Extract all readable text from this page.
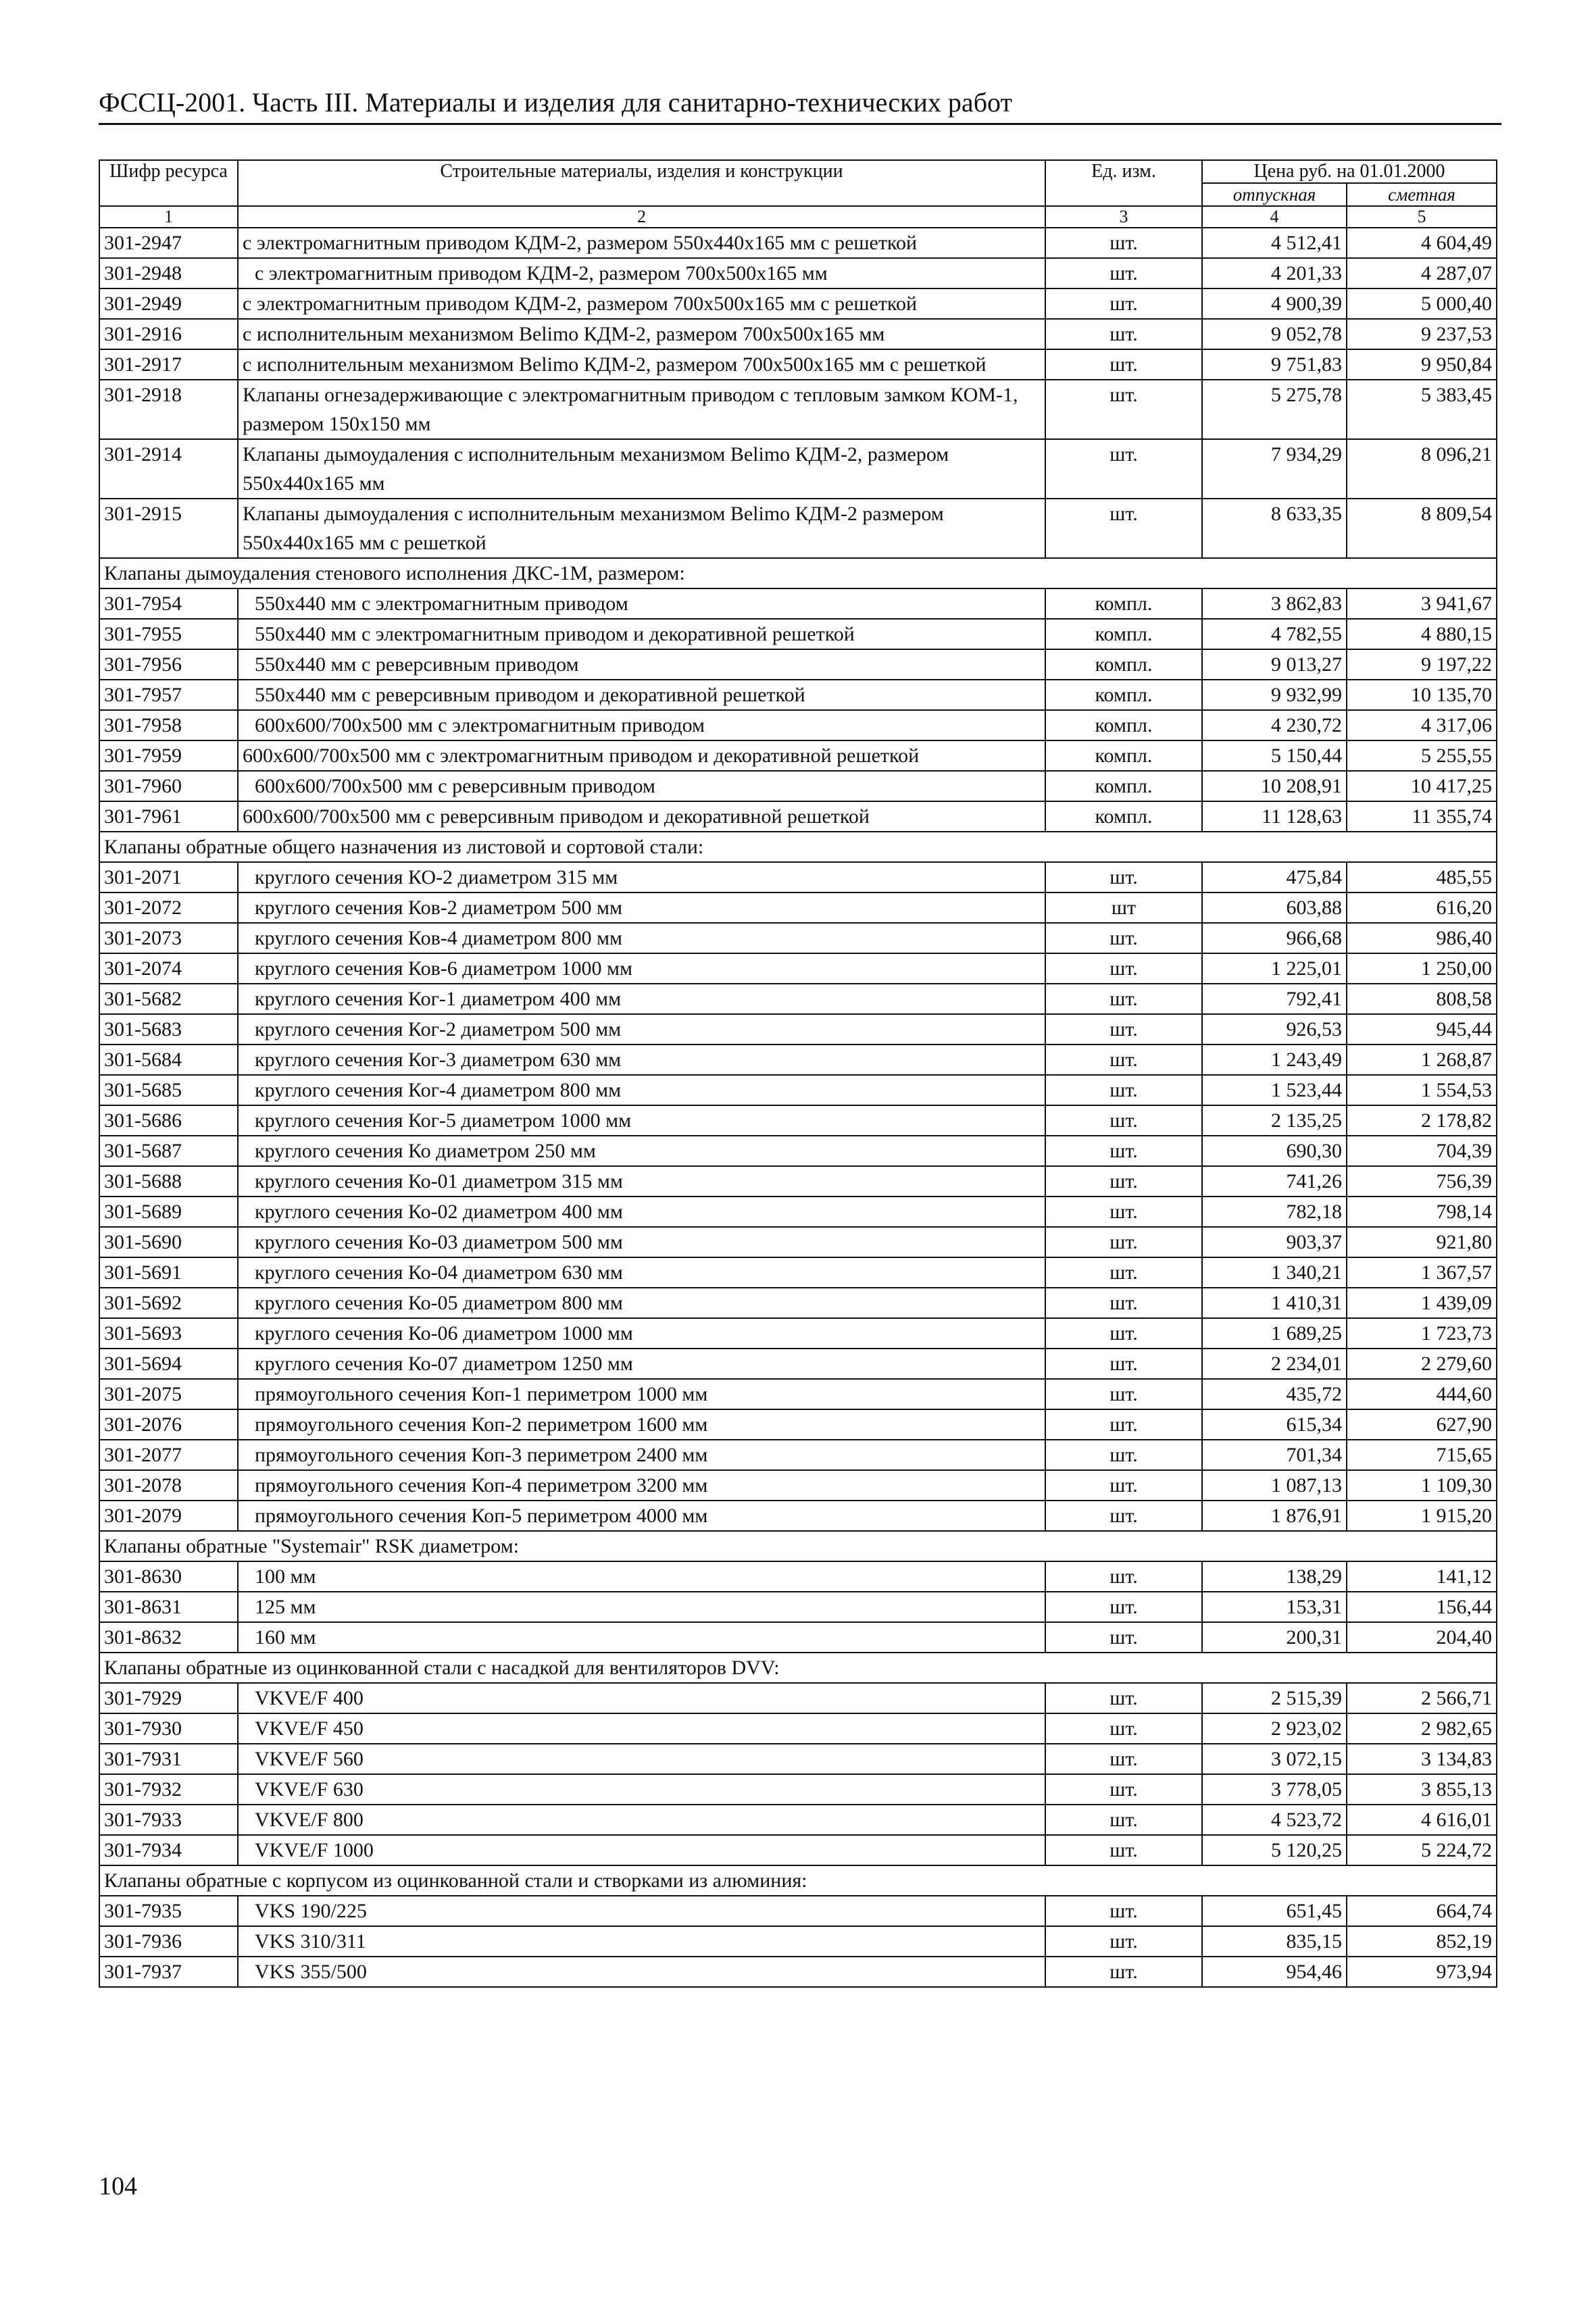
ФССЦ-2001. Часть III. Материалы и изделия для санитарно-технических работ
Шифр ресурса	Строительные материалы, изделия и конструкции	Ед. изм.	Цена руб. на 01.01.2000	
			отпускная	сметная
1	2	3	4	5
301-2947	с электромагнитным приводом КДМ-2, размером 550x440x165 мм с решеткой	шт.	4 512,41	4 604,49
301-2948	с электромагнитным приводом КДМ-2, размером 700x500x165 мм	шт.	4 201,33	4 287,07
301-2949	с электромагнитным приводом КДМ-2, размером 700x500x165 мм с решеткой	шт.	4 900,39	5 000,40
301-2916	с исполнительным механизмом Belimo КДМ-2, размером 700x500x165 мм	шт.	9 052,78	9 237,53
301-2917	с исполнительным механизмом Belimo КДМ-2, размером 700x500x165 мм с решеткой	шт.	9 751,83	9 950,84
301-2918	Клапаны огнезадерживающие с электромагнитным приводом с тепловым замком КОМ-1, размером 150x150 мм	шт.	5 275,78	5 383,45
301-2914	Клапаны дымоудаления с исполнительным механизмом Belimo КДМ-2, размером 550x440x165 мм	шт.	7 934,29	8 096,21
301-2915	Клапаны дымоудаления с исполнительным механизмом Belimo КДМ-2 размером 550x440x165 мм с решеткой	шт.	8 633,35	8 809,54
Клапаны дымоудаления стенового исполнения ДКС-1М, размером:				
301-7954	550x440 мм с электромагнитным приводом	компл.	3 862,83	3 941,67
301-7955	550x440 мм с электромагнитным приводом и декоративной решеткой	компл.	4 782,55	4 880,15
301-7956	550x440 мм с реверсивным приводом	компл.	9 013,27	9 197,22
301-7957	550x440 мм с реверсивным приводом и декоративной решеткой	компл.	9 932,99	10 135,70
301-7958	600x600/700x500 мм с электромагнитным приводом	компл.	4 230,72	4 317,06
301-7959	600x600/700x500 мм с электромагнитным приводом и декоративной решеткой	компл.	5 150,44	5 255,55
301-7960	600x600/700x500 мм с реверсивным приводом	компл.	10 208,91	10 417,25
301-7961	600x600/700x500 мм с реверсивным приводом и декоративной решеткой	компл.	11 128,63	11 355,74
Клапаны обратные общего назначения из листовой и сортовой стали:				
301-2071	круглого сечения КО-2 диаметром 315 мм	шт.	475,84	485,55
301-2072	круглого сечения Ков-2 диаметром 500 мм	шт	603,88	616,20
301-2073	круглого сечения Ков-4 диаметром 800 мм	шт.	966,68	986,40
301-2074	круглого сечения Ков-6 диаметром 1000 мм	шт.	1 225,01	1 250,00
301-5682	круглого сечения Ког-1 диаметром 400 мм	шт.	792,41	808,58
301-5683	круглого сечения Ког-2 диаметром 500 мм	шт.	926,53	945,44
301-5684	круглого сечения Ког-3 диаметром 630 мм	шт.	1 243,49	1 268,87
301-5685	круглого сечения Ког-4 диаметром 800 мм	шт.	1 523,44	1 554,53
301-5686	круглого сечения Ког-5 диаметром 1000 мм	шт.	2 135,25	2 178,82
301-5687	круглого сечения Ко диаметром 250 мм	шт.	690,30	704,39
301-5688	круглого сечения Ко-01 диаметром 315 мм	шт.	741,26	756,39
301-5689	круглого сечения Ко-02 диаметром 400 мм	шт.	782,18	798,14
301-5690	круглого сечения Ко-03 диаметром 500 мм	шт.	903,37	921,80
301-5691	круглого сечения Ко-04 диаметром 630 мм	шт.	1 340,21	1 367,57
301-5692	круглого сечения Ко-05 диаметром 800 мм	шт.	1 410,31	1 439,09
301-5693	круглого сечения Ко-06 диаметром 1000 мм	шт.	1 689,25	1 723,73
301-5694	круглого сечения Ко-07 диаметром 1250 мм	шт.	2 234,01	2 279,60
301-2075	прямоугольного сечения Коп-1 периметром 1000 мм	шт.	435,72	444,60
301-2076	прямоугольного сечения Коп-2 периметром 1600 мм	шт.	615,34	627,90
301-2077	прямоугольного сечения Коп-3 периметром 2400 мм	шт.	701,34	715,65
301-2078	прямоугольного сечения Коп-4 периметром 3200 мм	шт.	1 087,13	1 109,30
301-2079	прямоугольного сечения Коп-5 периметром 4000 мм	шт.	1 876,91	1 915,20
Клапаны обратные "Systemair" RSK диаметром:				
301-8630	100 мм	шт.	138,29	141,12
301-8631	125 мм	шт.	153,31	156,44
301-8632	160 мм	шт.	200,31	204,40
Клапаны обратные из оцинкованной стали с насадкой для вентиляторов DVV:				
301-7929	VKVE/F 400	шт.	2 515,39	2 566,71
301-7930	VKVE/F 450	шт.	2 923,02	2 982,65
301-7931	VKVE/F 560	шт.	3 072,15	3 134,83
301-7932	VKVE/F 630	шт.	3 778,05	3 855,13
301-7933	VKVE/F 800	шт.	4 523,72	4 616,01
301-7934	VKVE/F 1000	шт.	5 120,25	5 224,72
Клапаны обратные с корпусом из оцинкованной стали и створками из алюминия:				
301-7935	VKS 190/225	шт.	651,45	664,74
301-7936	VKS 310/311	шт.	835,15	852,19
301-7937	VKS 355/500	шт.	954,46	973,94
104
